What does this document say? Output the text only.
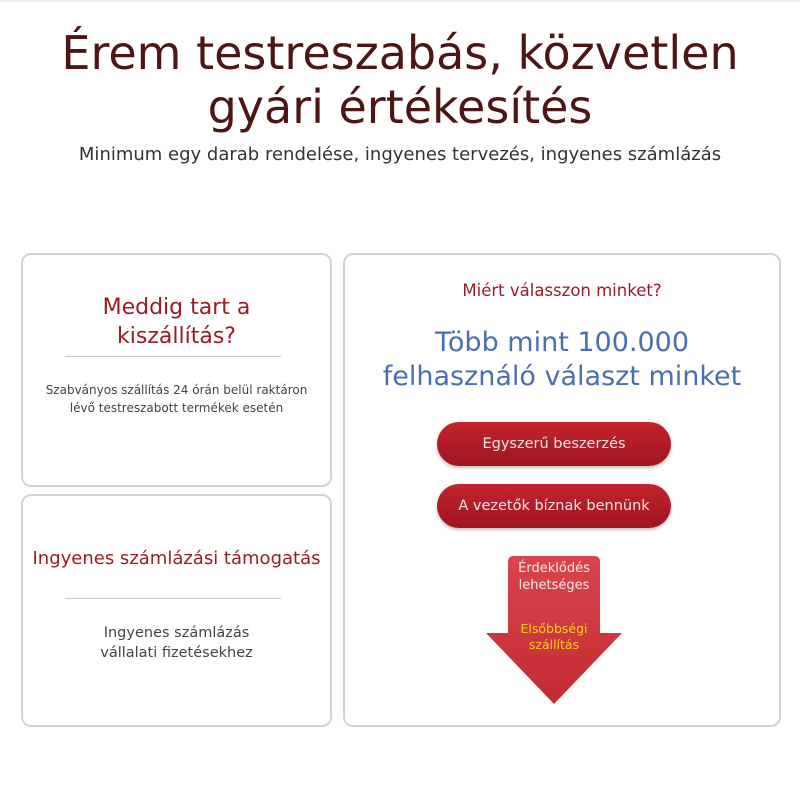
Érem testreszabás, közvetlen
gyári értékesítés
Minimum egy darab rendelése, ingyenes tervezés, ingyenes számlázás
Meddig tart a
kiszállítás?
Szabványos szállítás 24 órán belül raktáron
lévő testreszabott termékek esetén
Ingyenes számlázási támogatás
Ingyenes számlázás
vállalati fizetésekhez
Miért válasszon minket?
Több mint 100.000
felhasználó választ minket
Egyszerű beszerzés
A vezetők bíznak bennünk
Érdeklődés
lehetséges
Elsőbbségi
szállítás
